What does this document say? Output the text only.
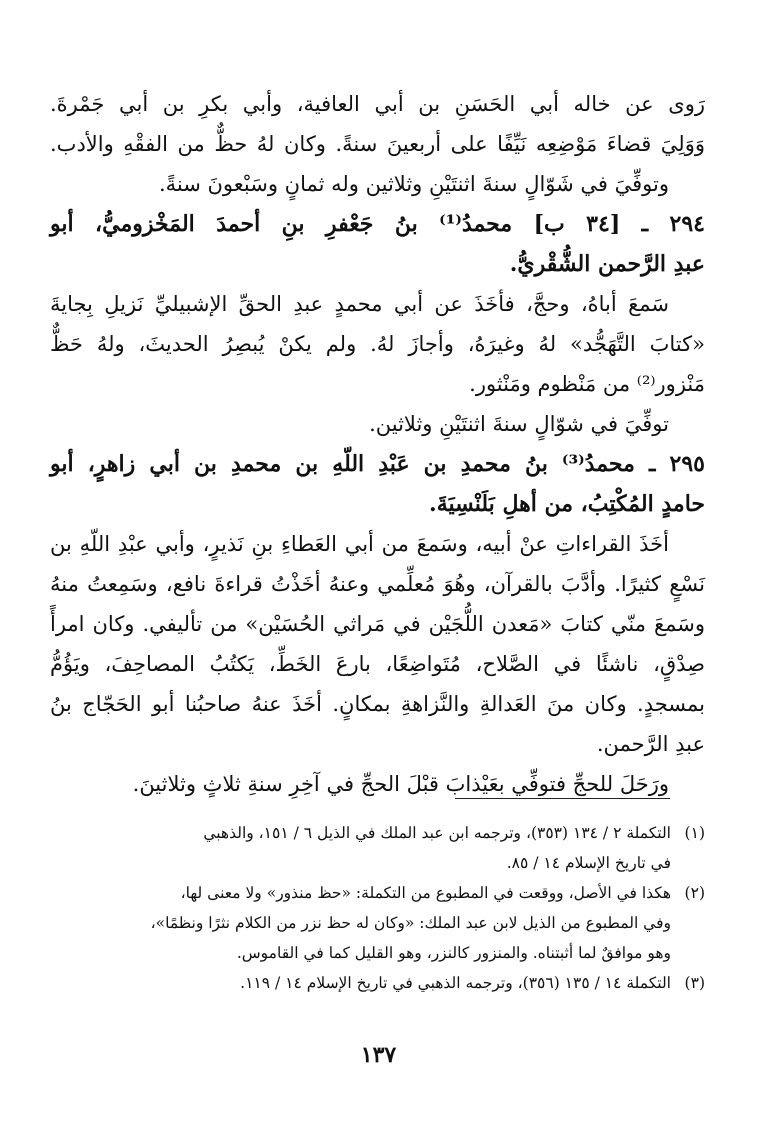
رَوى عن خاله أبي الحَسَنِ بن أبي العافية، وأبي بكرِ بن أبي جَمْرةَ.
وَوَلِيَ قضاءَ مَوْضِعِه نَيِّفًا على أربعينَ سنةً. وكان لهُ حظٌّ من الفقْهِ والأدب.
وتوفِّيَ في شَوّالٍ سنةَ اثنتَيْنِ وثلاثين وله ثمانٍ وسَبْعونَ سنةً.
٢٩٤ ـ [٣٤ ب] محمدُ⁽¹⁾ بنُ جَعْفرِ بنِ أحمدَ المَخْزوميُّ، أبو
عبدِ الرَّحمن الشُّقْريُّ.
سَمعَ أباهُ، وحجَّ، فأخَذَ عن أبي محمدٍ عبدِ الحقِّ الإشبيليِّ نَزيلِ بِجايةَ
«كتابَ التَّهَجُّد» لهُ وغيرَهُ، وأجازَ لهُ. ولم يكنْ يُبصِرُ الحديثَ، ولهُ حَظٌّ
مَنْزور⁽²⁾ من مَنْظوم ومَنْثور.
توفِّيَ في شوّالٍ سنةَ اثنتَيْنِ وثلاثين.
٢٩٥ ـ محمدُ⁽³⁾ بنُ محمدِ بن عَبْدِ اللّهِ بن محمدِ بن أبي زاهرٍ، أبو
حامدٍ المُكْتِبُ، من أهلِ بَلَنْسِيَةَ.
أخَذَ القراءاتِ عنْ أبيه، وسَمعَ من أبي العَطاءِ بنِ نَذيرٍ، وأبي عبْدِ اللّهِ بن
نَسْعٍ كثيرًا. وأدَّبَ بالقرآن، وهُوَ مُعلِّمي وعنهُ أخَذْتُ قراءةَ نافع، وسَمِعتُ منهُ
وسَمعَ منّي كتابَ «مَعدن اللُّجَيْن في مَراثي الحُسَيْن» من تأليفي. وكان امرأً
صِدْقٍ، ناشئًا في الصَّلاح، مُتَواضِعًا، بارعَ الخَطِّ، يَكتُبُ المصاحِفَ، ويَؤُمُّ
بمسجدٍ. وكان منَ العَدالةِ والنَّزاهةِ بمكانٍ. أخَذَ عنهُ صاحبُنا أبو الحَجّاج بنُ
عبدِ الرَّحمن.
ورَحَلَ للحجِّ فتوفِّي بعَيْذابَ قبْلَ الحجِّ في آخِرِ سنةِ ثلاثٍ وثلاثينَ.
(١)التكملة ٢ / ١٣٤ (٣٥٣)، وترجمه ابن عبد الملك في الذيل ٦ / ١٥١، والذهبي
في تاريخ الإسلام ١٤ / ٨٥.
(٢)هكذا في الأصل، ووقعت في المطبوع من التكملة: «حظ منذور» ولا معنى لها،
وفي المطبوع من الذيل لابن عبد الملك: «وكان له حظ نزر من الكلام نثرًا ونظمًا»،
وهو موافقٌ لما أثبتناه. والمنزور كالنزر، وهو القليل كما في القاموس.
(٣)التكملة ١٤ / ١٣٥ (٣٥٦)، وترجمه الذهبي في تاريخ الإسلام ١٤ / ١١٩.
١٣٧
